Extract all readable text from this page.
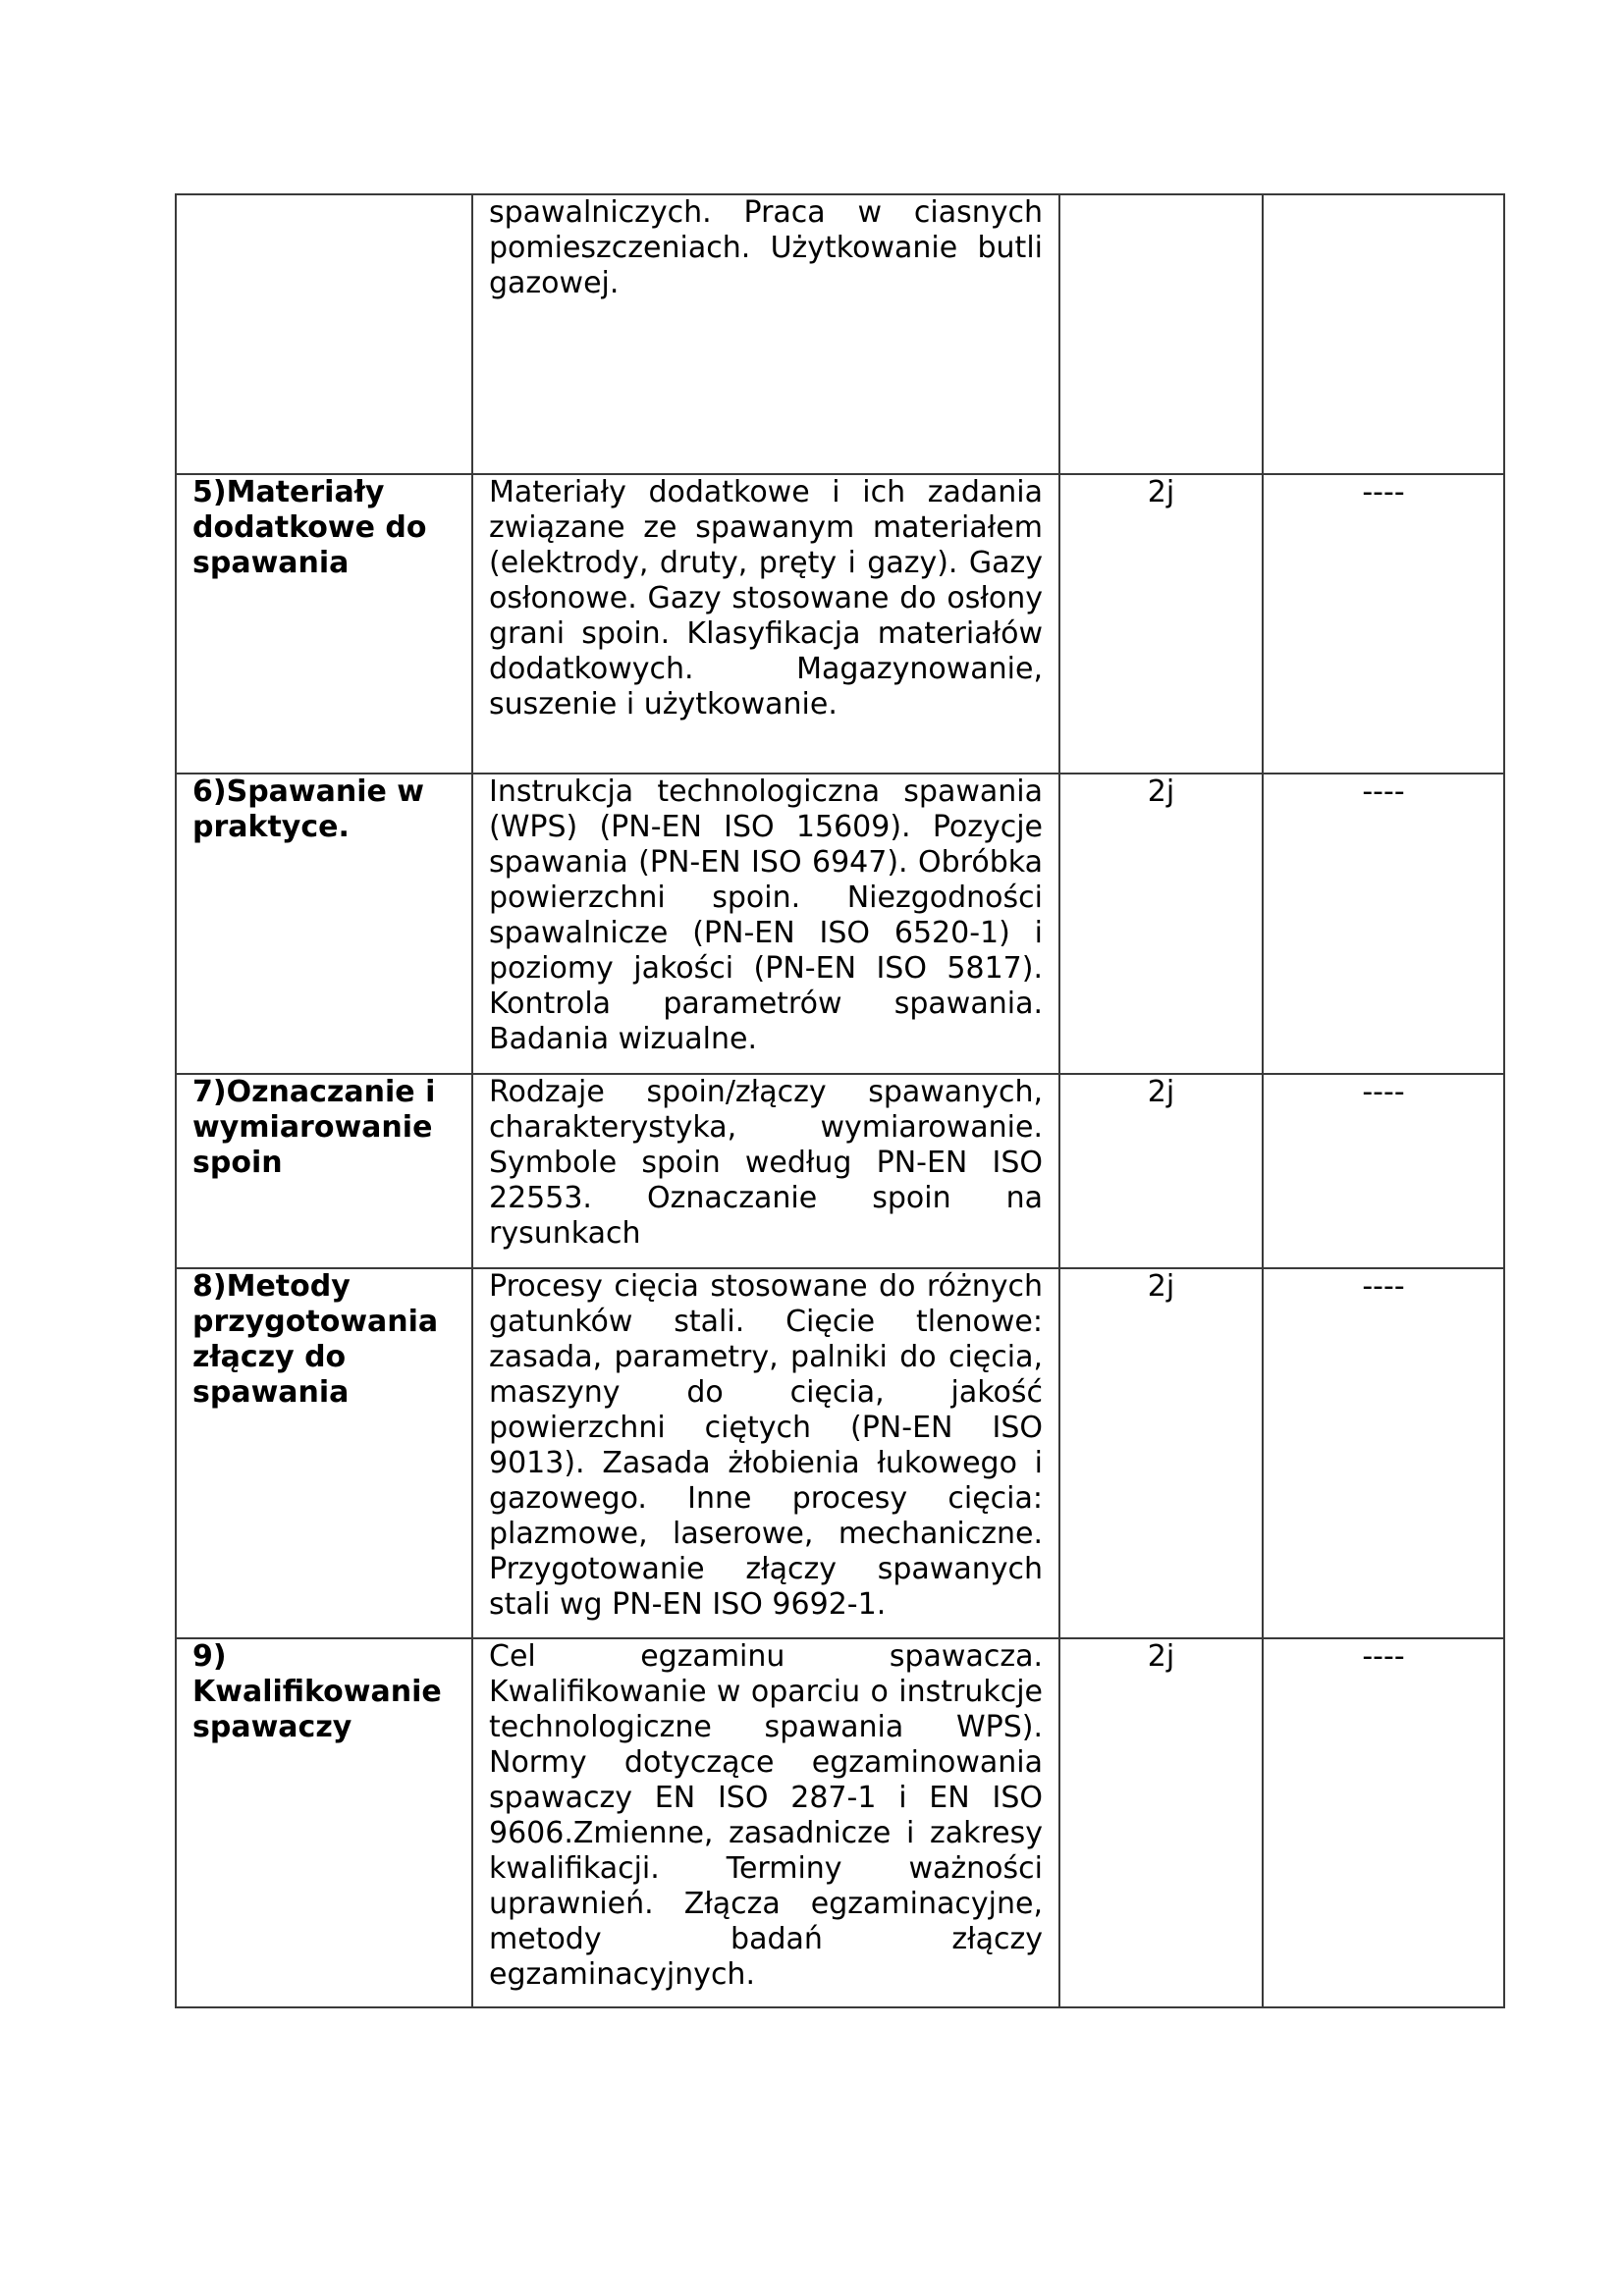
	spawalniczych. Praca w ciasnych pomieszczeniach. Użytkowanie butli gazowej.		

5)Materiały dodatkowe do spawania	Materiały dodatkowe i ich zadania związane ze spawanym materiałem (elektrody, druty, pręty i gazy). Gazy osłonowe. Gazy stosowane do osłony grani spoin. Klasyfikacja materiałów dodatkowych. Magazynowanie, suszenie i użytkowanie.	2j	----

6)Spawanie w praktyce.	Instrukcja technologiczna spawania (WPS) (PN-EN ISO 15609). Pozycje spawania (PN-EN ISO 6947). Obróbka powierzchni spoin. Niezgodności spawalnicze (PN-EN ISO 6520-1) i poziomy jakości (PN-EN ISO 5817). Kontrola parametrów spawania. Badania wizualne.	2j	----

7)Oznaczanie i wymiarowanie spoin	Rodzaje spoin/złączy spawanych, charakterystyka, wymiarowanie. Symbole spoin według PN-EN ISO 22553. Oznaczanie spoin na rysunkach	2j	----

8)Metody przygotowania złączy do spawania	Procesy cięcia stosowane do różnych gatunków stali. Cięcie tlenowe: zasada, parametry, palniki do cięcia, maszyny do cięcia, jakość powierzchni ciętych (PN-EN ISO 9013). Zasada żłobienia łukowego i gazowego. Inne procesy cięcia: plazmowe, laserowe, mechaniczne. Przygotowanie złączy spawanych stali wg PN-EN ISO 9692-1.	2j	----

9) Kwalifikowanie spawaczy	Cel egzaminu spawacza. Kwalifikowanie w oparciu o instrukcje technologiczne spawania WPS). Normy dotyczące egzaminowania spawaczy EN ISO 287-1 i EN ISO 9606.Zmienne, zasadnicze i zakresy kwalifikacji. Terminy ważności uprawnień. Złącza egzaminacyjne, metody badań złączy egzaminacyjnych.	2j	----
